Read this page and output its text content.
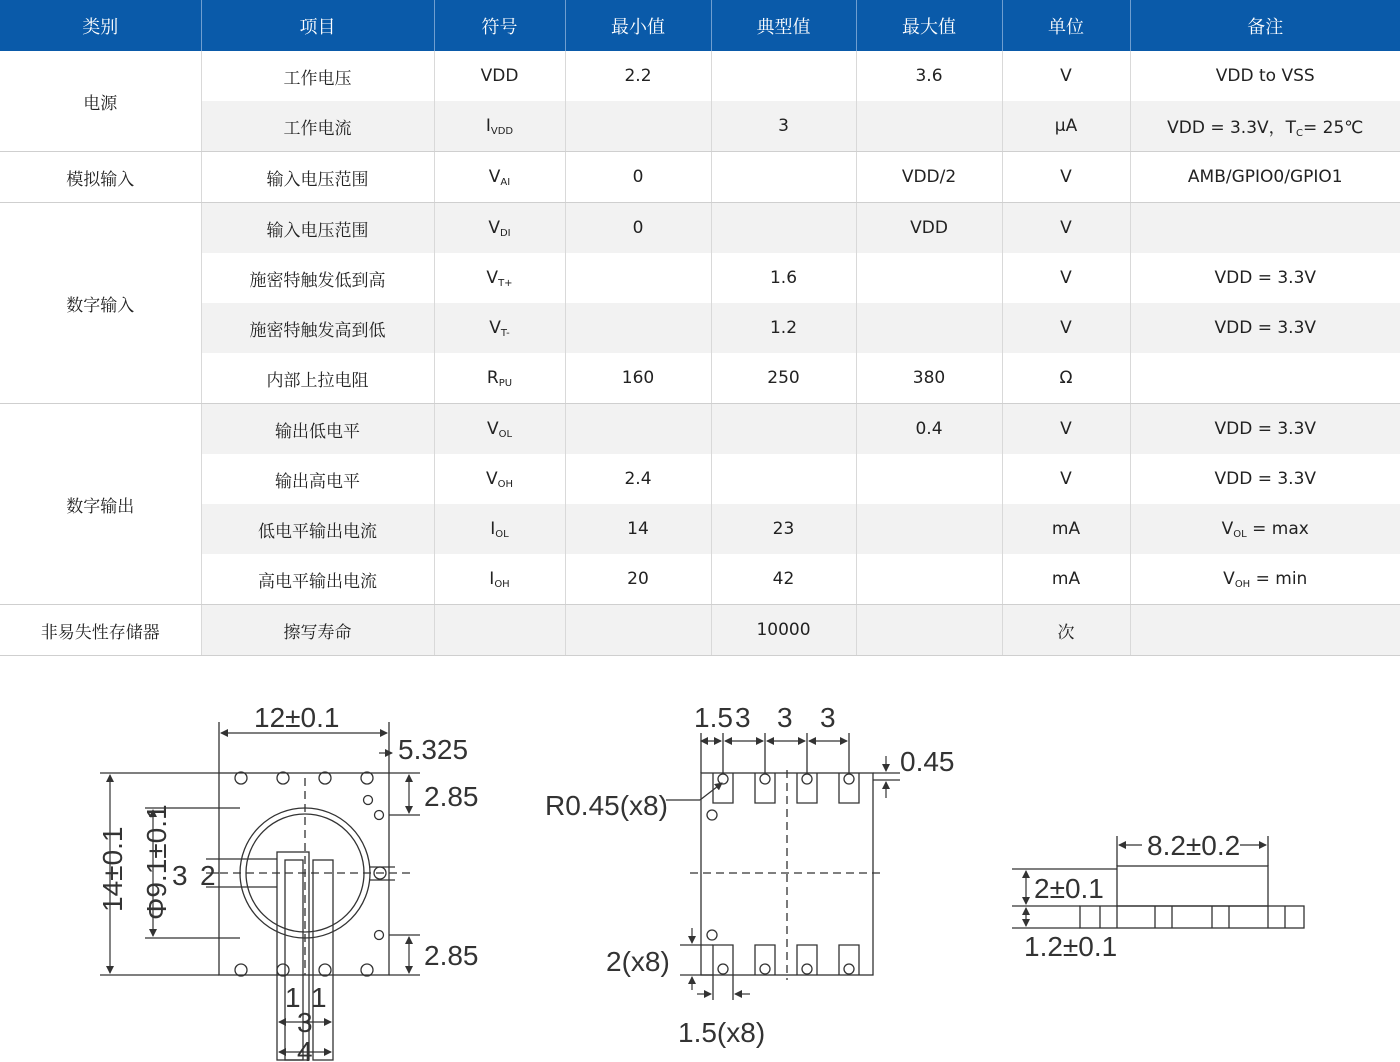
类别	项目	符号	最小值	典型值	最大值	单位	备注
电源	工作电压	VDD	2.2		3.6	V	VDD to VSS
	工作电流	$I_{VDD}$		3		μA	VDD = 3.3V，$T_C=$ 25℃
模拟输入	输入电压范围	$V_{AI}$	0		VDD/2	V	AMB/GPIO0/GPIO1
数字输入	输入电压范围	$V_{DI}$	0		VDD	V	
	施密特触发低到高	$V_{T+}$		1.6		V	VDD = 3.3V
	施密特触发高到低	$V_{T-}$		1.2		V	VDD = 3.3V
	内部上拉电阻	$R_{PU}$	160	250	380	Ω	
数字输出	输出低电平	$V_{OL}$			0.4	V	VDD = 3.3V
	输出高电平	$V_{OH}$	2.4			V	VDD = 3.3V
	低电平输出电流	$I_{OL}$	14	23		mA	$V_{OL} = \max$
	高电平输出电流	$I_{OH}$	20	42		mA	$V_{OH} = \min$
非易失性存储器	擦写寿命			10000		次	
12±0.1
5.325
2.85
2.85
14±0.1 Φ9.1±0.1 3 2
1 1
3
4
1.5 3 3 3
0.45
R0.45(x8)
2(x8)
1.5(x8)
8.2±0.2
2±0.1
1.2±0.1
